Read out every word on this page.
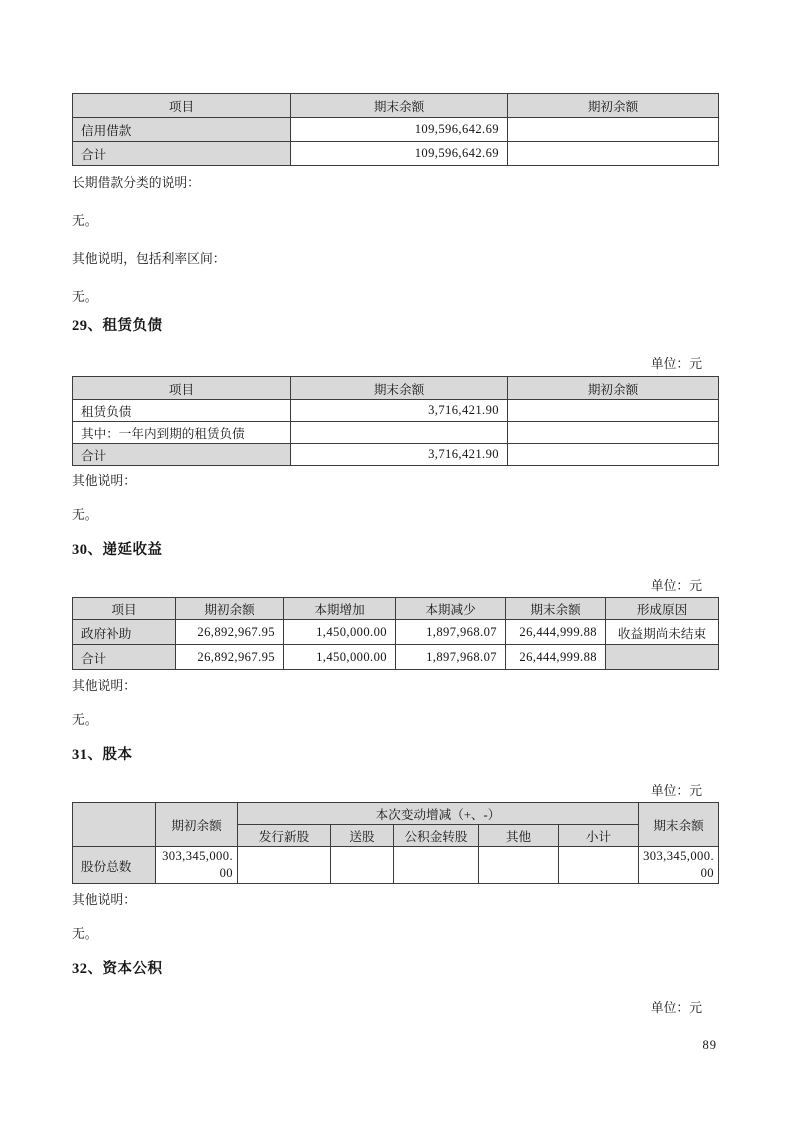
项目	期末余额	期初余额
信用借款	109,596,642.69	
合计	109,596,642.69	

长期借款分类的说明：

无。

其他说明，包括利率区间：

无。

29、租赁负债

单位：元

项目	期末余额	期初余额
租赁负债	3,716,421.90	
其中：一年内到期的租赁负债		
合计	3,716,421.90	

其他说明：

无。

30、递延收益

单位：元

项目	期初余额	本期增加	本期减少	期末余额	形成原因
政府补助	26,892,967.95	1,450,000.00	1,897,968.07	26,444,999.88	收益期尚未结束
合计	26,892,967.95	1,450,000.00	1,897,968.07	26,444,999.88	

其他说明：

无。

31、股本

单位：元

	期初余额	本次变动增减（+、-）					期末余额
		发行新股	送股	公积金转股	其他	小计	
股份总数	303,345,000.00						303,345,000.00

其他说明：

无。

32、资本公积

单位：元

89
